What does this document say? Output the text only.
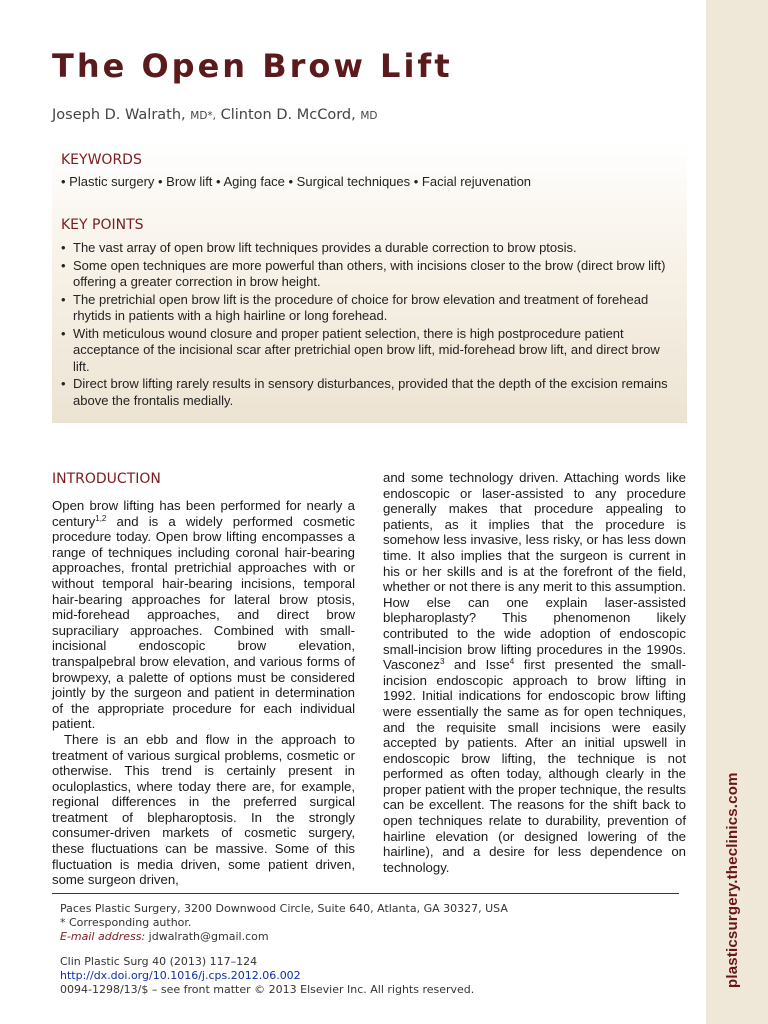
plasticsurgery.theclinics.com
The Open Brow Lift
Joseph D. Walrath, MD*, Clinton D. McCord, MD
KEYWORDS
• Plastic surgery • Brow lift • Aging face • Surgical techniques • Facial rejuvenation
KEY POINTS
• The vast array of open brow lift techniques provides a durable correction to brow ptosis.
• Some open techniques are more powerful than others, with incisions closer to the brow (direct brow lift) offering a greater correction in brow height.
• The pretrichial open brow lift is the procedure of choice for brow elevation and treatment of forehead rhytids in patients with a high hairline or long forehead.
• With meticulous wound closure and proper patient selection, there is high postprocedure patient acceptance of the incisional scar after pretrichial open brow lift, mid-forehead brow lift, and direct brow lift.
• Direct brow lifting rarely results in sensory disturbances, provided that the depth of the excision remains above the frontalis medially.
INTRODUCTION

Open brow lifting has been performed for nearly a century$^{1,2}$ and is a widely performed cosmetic procedure today. Open brow lifting encompasses a range of techniques including coronal hair-bearing approaches, frontal pretrichial approaches with or without temporal hair-bearing incisions, temporal hair-bearing approaches for lateral brow ptosis, mid-forehead approaches, and direct brow supraciliary approaches. Combined with small-incisional endoscopic brow elevation, transpalpebral brow elevation, and various forms of browpexy, a palette of options must be considered jointly by the surgeon and patient in determination of the appropriate procedure for each individual patient.

There is an ebb and flow in the approach to treatment of various surgical problems, cosmetic or otherwise. This trend is certainly present in oculoplastics, where today there are, for example, regional differences in the preferred surgical treatment of blepharoptosis. In the strongly consumer-driven markets of cosmetic surgery, these fluctuations can be massive. Some of this fluctuation is media driven, some patient driven, some surgeon driven,

and some technology driven. Attaching words like endoscopic or laser-assisted to any procedure generally makes that procedure appealing to patients, as it implies that the procedure is somehow less invasive, less risky, or has less down time. It also implies that the surgeon is current in his or her skills and is at the forefront of the field, whether or not there is any merit to this assumption. How else can one explain laser-assisted blepharoplasty? This phenomenon likely contributed to the wide adoption of endoscopic small-incision brow lifting procedures in the 1990s. Vasconez$^3$ and Isse$^4$ first presented the small-incision endoscopic approach to brow lifting in 1992. Initial indications for endoscopic brow lifting were essentially the same as for open techniques, and the requisite small incisions were easily accepted by patients. After an initial upswell in endoscopic brow lifting, the technique is not performed as often today, although clearly in the proper patient with the proper technique, the results can be excellent. The reasons for the shift back to open techniques relate to durability, prevention of hairline elevation (or designed lowering of the hairline), and a desire for less dependence on technology.

Paces Plastic Surgery, 3200 Downwood Circle, Suite 640, Atlanta, GA 30327, USA
* Corresponding author.
E-mail address: jdwalrath@gmail.com
Clin Plastic Surg 40 (2013) 117–124
http://dx.doi.org/10.1016/j.cps.2012.06.002
0094-1298/13/$ – see front matter © 2013 Elsevier Inc. All rights reserved.
